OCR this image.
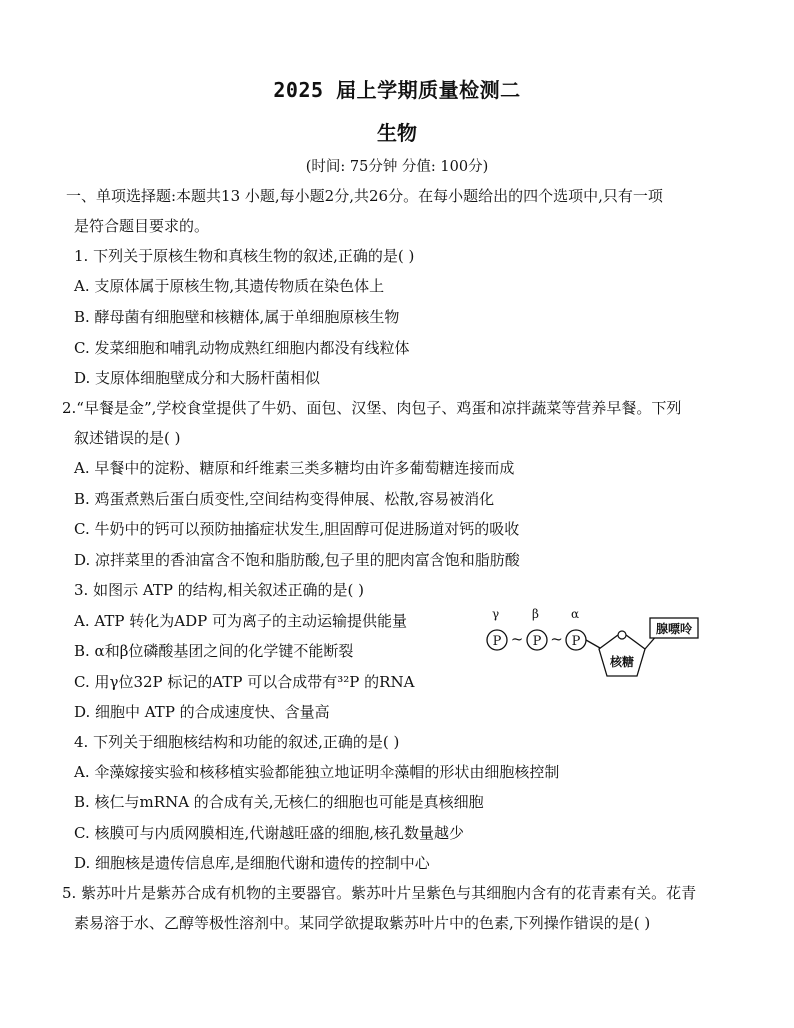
2025 届上学期质量检测二
生物
(时间: 75分钟 分值: 100分)
一、单项选择题:本题共13 小题,每小题2分,共26分。在每小题给出的四个选项中,只有一项
是符合题目要求的。
1. 下列关于原核生物和真核生物的叙述,正确的是( )
A. 支原体属于原核生物,其遗传物质在染色体上
B. 酵母菌有细胞壁和核糖体,属于单细胞原核生物
C. 发菜细胞和哺乳动物成熟红细胞内都没有线粒体
D. 支原体细胞壁成分和大肠杆菌相似
2.“早餐是金”,学校食堂提供了牛奶、面包、汉堡、肉包子、鸡蛋和凉拌蔬菜等营养早餐。下列
叙述错误的是( )
A. 早餐中的淀粉、糖原和纤维素三类多糖均由许多葡萄糖连接而成
B. 鸡蛋煮熟后蛋白质变性,空间结构变得伸展、松散,容易被消化
C. 牛奶中的钙可以预防抽搐症状发生,胆固醇可促进肠道对钙的吸收
D. 凉拌菜里的香油富含不饱和脂肪酸,包子里的肥肉富含饱和脂肪酸
3. 如图示 ATP 的结构,相关叙述正确的是( )
A. ATP 转化为ADP 可为离子的主动运输提供能量
B. α和β位磷酸基团之间的化学键不能断裂
C. 用γ位32P 标记的ATP 可以合成带有³²P 的RNA
D. 细胞中 ATP 的合成速度快、含量高
γ	β	α
P P P
~ ~
腺嘌呤
核糖
4. 下列关于细胞核结构和功能的叙述,正确的是( )
A. 伞藻嫁接实验和核移植实验都能独立地证明伞藻帽的形状由细胞核控制
B. 核仁与mRNA 的合成有关,无核仁的细胞也可能是真核细胞
C. 核膜可与内质网膜相连,代谢越旺盛的细胞,核孔数量越少
D. 细胞核是遗传信息库,是细胞代谢和遗传的控制中心
5. 紫苏叶片是紫苏合成有机物的主要器官。紫苏叶片呈紫色与其细胞内含有的花青素有关。花青
素易溶于水、乙醇等极性溶剂中。某同学欲提取紫苏叶片中的色素,下列操作错误的是( )
